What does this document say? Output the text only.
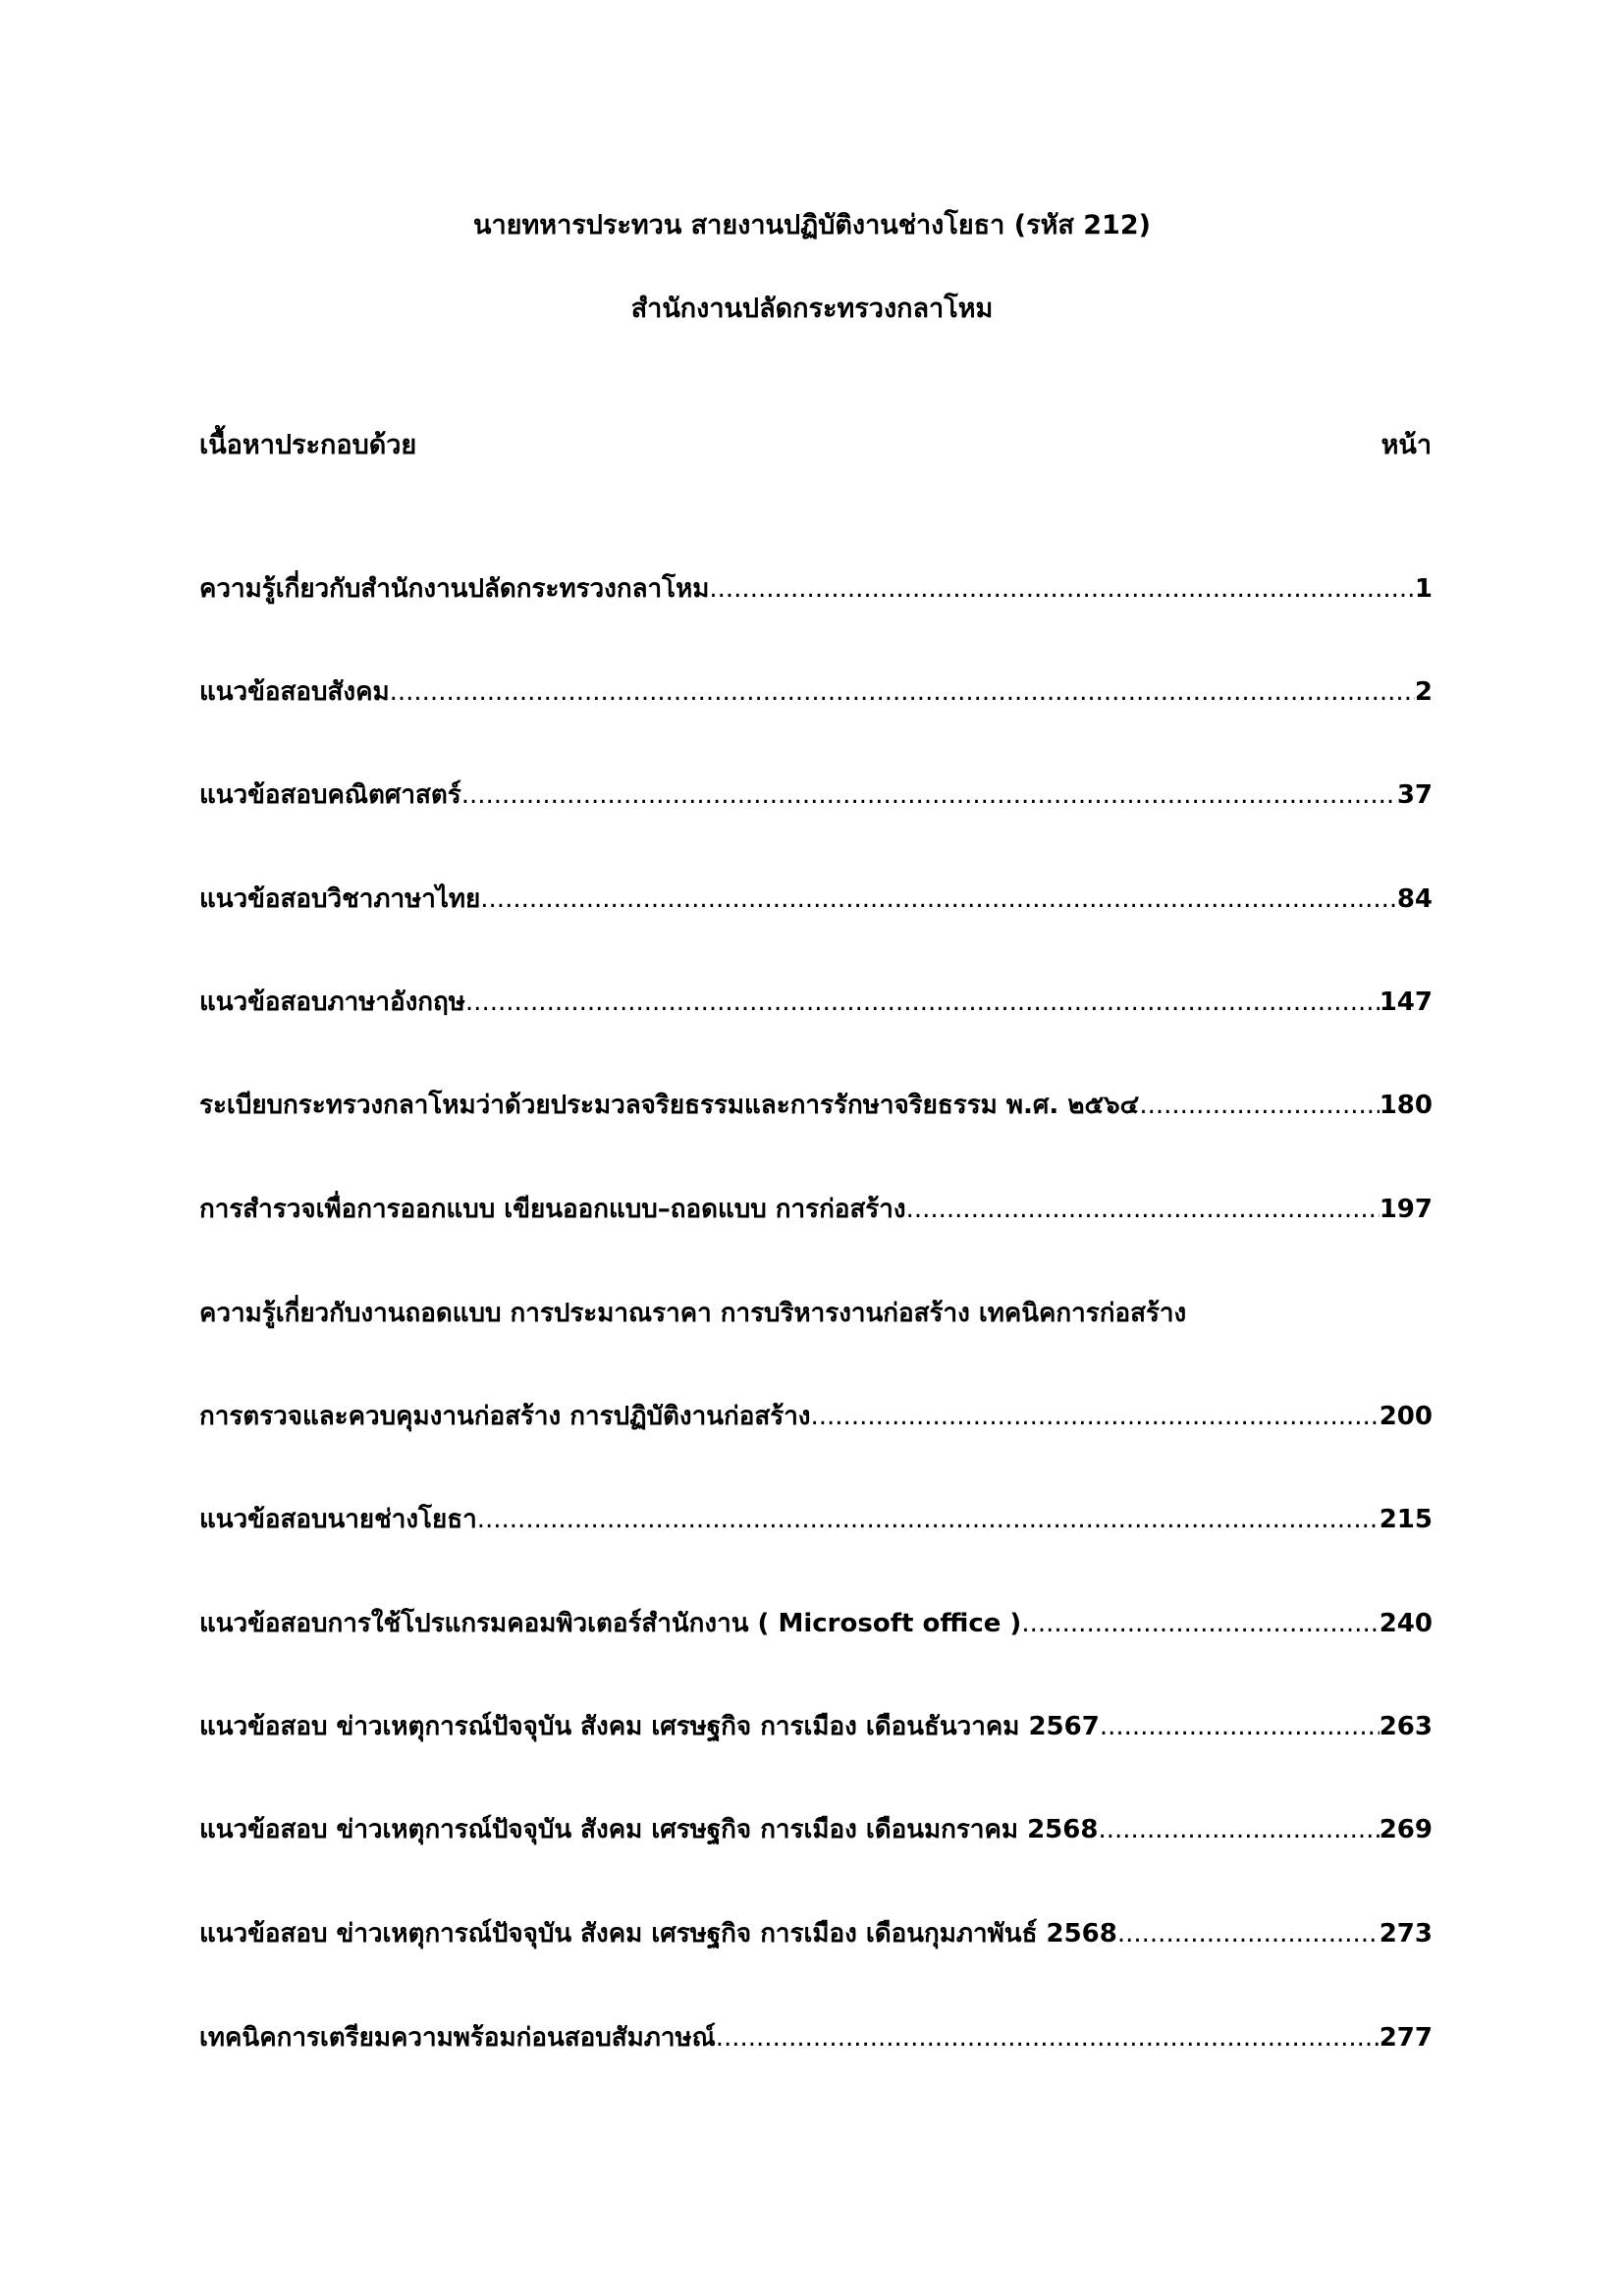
นายทหารประทวน สายงานปฏิบัติงานช่างโยธา (รหัส 212)
สำนักงานปลัดกระทรวงกลาโหม
เนื้อหาประกอบด้วย	หน้า
ความรู้เกี่ยวกับสำนักงานปลัดกระทรวงกลาโหม .....	1
แนวข้อสอบสังคม .....	2
แนวข้อสอบคณิตศาสตร์ .....	37
แนวข้อสอบวิชาภาษาไทย .....	84
แนวข้อสอบภาษาอังกฤษ .....	147
ระเบียบกระทรวงกลาโหมว่าด้วยประมวลจริยธรรมและการรักษาจริยธรรม พ.ศ. ๒๕๖๔ .....	180
การสำรวจเพื่อการออกแบบ เขียนออกแบบ–ถอดแบบ การก่อสร้าง .....	197
ความรู้เกี่ยวกับงานถอดแบบ การประมาณราคา การบริหารงานก่อสร้าง เทคนิคการก่อสร้าง
การตรวจและควบคุมงานก่อสร้าง การปฏิบัติงานก่อสร้าง .....	200
แนวข้อสอบนายช่างโยธา .....	215
แนวข้อสอบการใช้โปรแกรมคอมพิวเตอร์สำนักงาน ( Microsoft office ) .....	240
แนวข้อสอบ ข่าวเหตุการณ์ปัจจุบัน สังคม เศรษฐกิจ การเมือง เดือนธันวาคม 2567 .....	263
แนวข้อสอบ ข่าวเหตุการณ์ปัจจุบัน สังคม เศรษฐกิจ การเมือง เดือนมกราคม 2568 .....	269
แนวข้อสอบ ข่าวเหตุการณ์ปัจจุบัน สังคม เศรษฐกิจ การเมือง เดือนกุมภาพันธ์ 2568 .....	273
เทคนิคการเตรียมความพร้อมก่อนสอบสัมภาษณ์ .....	277
